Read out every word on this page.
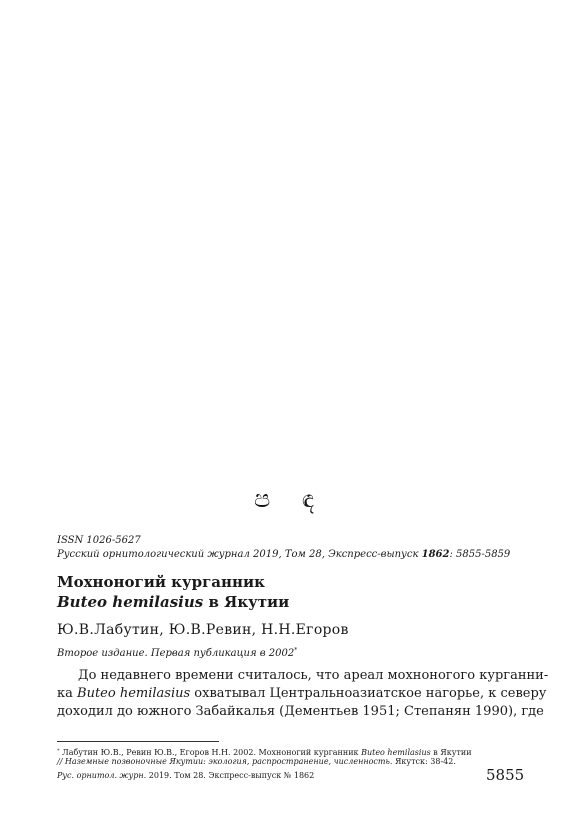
ප ඳ
ISSN 1026-5627
Русский орнитологический журнал 2019, Том 28, Экспресс-выпуск 1862: 5855-5859
Мохноногий курганник
Buteo hemilasius в Якутии
Ю.В.Лабутин, Ю.В.Ревин, Н.Н.Егоров
Второе издание. Первая публикация в 2002*
До недавнего времени считалось, что ареал мохноногого курганни-
ка Buteo hemilasius охватывал Центральноазиатское нагорье, к северу
доходил до южного Забайкалья (Дементьев 1951; Степанян 1990), где
* Лабутин Ю.В., Ревин Ю.В., Егоров Н.Н. 2002. Мохноногий курганник Buteo hemilasius в Якутии
// Наземные позвоночные Якутии: экология, распространение, численность. Якутск: 38-42.
Рус. орнитол. журн. 2019. Том 28. Экспресс-выпуск № 1862	5855
